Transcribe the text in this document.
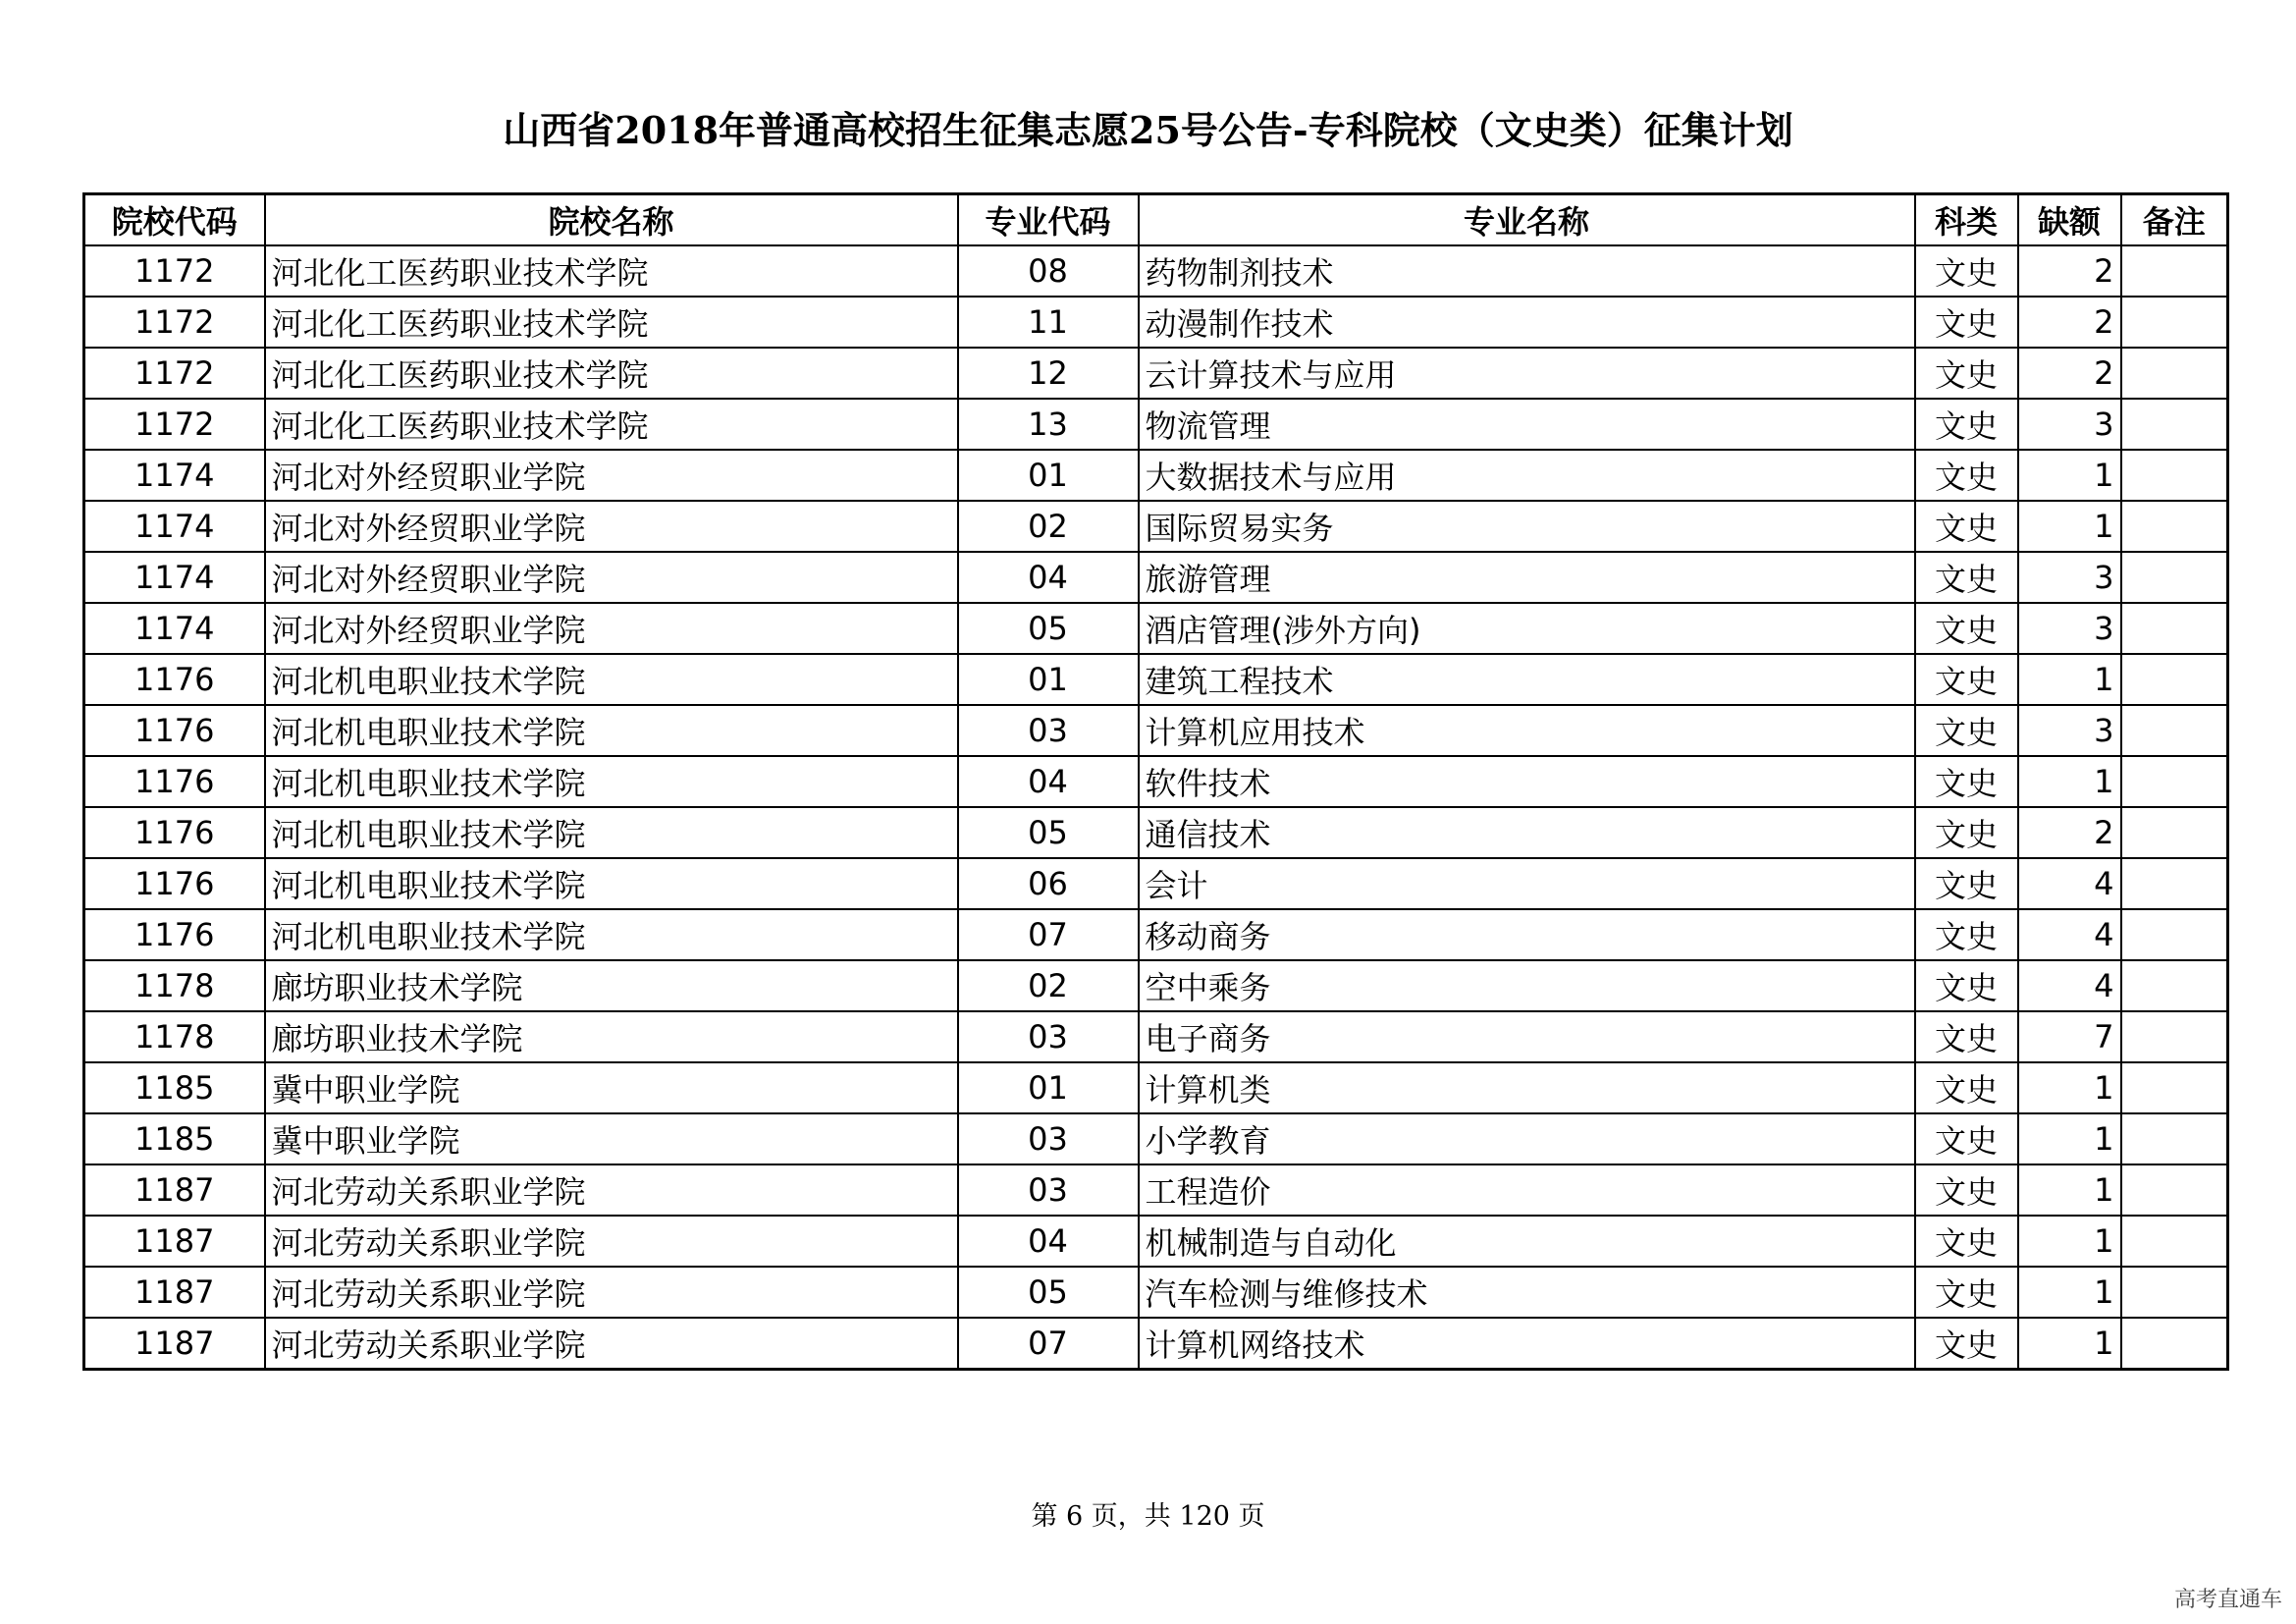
山西省2018年普通高校招生征集志愿25号公告-专科院校（文史类）征集计划
院校代码	院校名称	专业代码	专业名称	科类	缺额	备注
1172	河北化工医药职业技术学院	08	药物制剂技术	文史	2	
1172	河北化工医药职业技术学院	11	动漫制作技术	文史	2	
1172	河北化工医药职业技术学院	12	云计算技术与应用	文史	2	
1172	河北化工医药职业技术学院	13	物流管理	文史	3	
1174	河北对外经贸职业学院	01	大数据技术与应用	文史	1	
1174	河北对外经贸职业学院	02	国际贸易实务	文史	1	
1174	河北对外经贸职业学院	04	旅游管理	文史	3	
1174	河北对外经贸职业学院	05	酒店管理(涉外方向)	文史	3	
1176	河北机电职业技术学院	01	建筑工程技术	文史	1	
1176	河北机电职业技术学院	03	计算机应用技术	文史	3	
1176	河北机电职业技术学院	04	软件技术	文史	1	
1176	河北机电职业技术学院	05	通信技术	文史	2	
1176	河北机电职业技术学院	06	会计	文史	4	
1176	河北机电职业技术学院	07	移动商务	文史	4	
1178	廊坊职业技术学院	02	空中乘务	文史	4	
1178	廊坊职业技术学院	03	电子商务	文史	7	
1185	冀中职业学院	01	计算机类	文史	1	
1185	冀中职业学院	03	小学教育	文史	1	
1187	河北劳动关系职业学院	03	工程造价	文史	1	
1187	河北劳动关系职业学院	04	机械制造与自动化	文史	1	
1187	河北劳动关系职业学院	05	汽车检测与维修技术	文史	1	
1187	河北劳动关系职业学院	07	计算机网络技术	文史	1	
第 6 页，共 120 页
高考直通车
